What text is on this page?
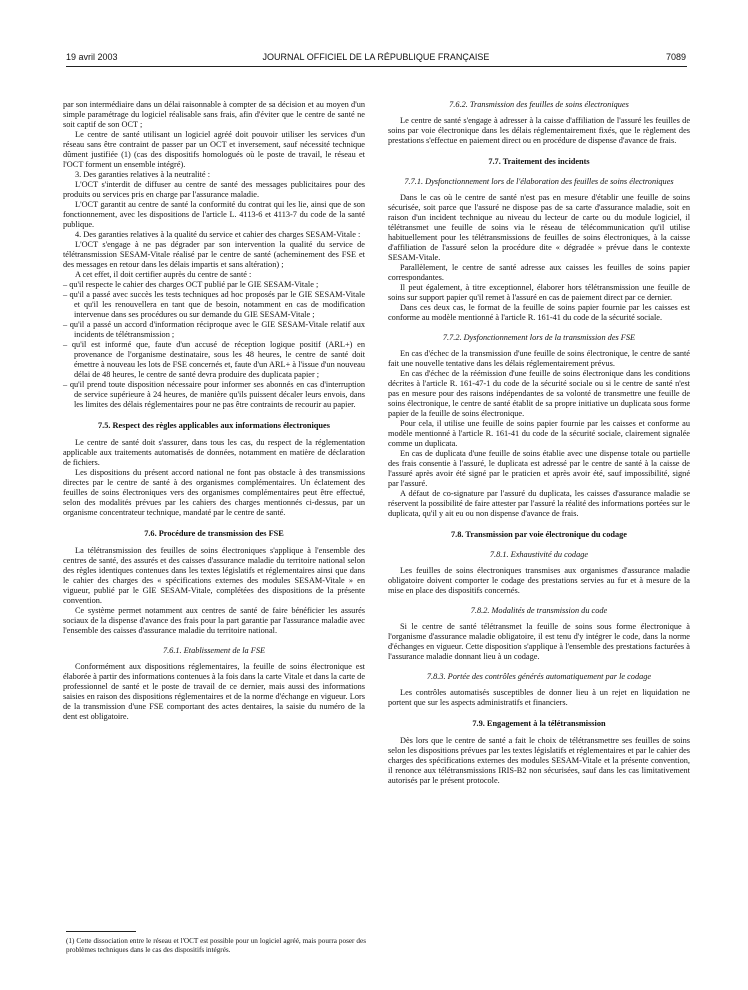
19 avril 2003	JOURNAL OFFICIEL DE LA RÉPUBLIQUE FRANÇAISE	7089

par son intermédiaire dans un délai raisonnable à compter de sa décision et au moyen d'un simple paramétrage du logiciel réalisable sans frais, afin d'éviter que le centre de santé ne soit captif de son OCT ;

Le centre de santé utilisant un logiciel agréé doit pouvoir utiliser les services d'un réseau sans être contraint de passer par un OCT et inversement, sauf nécessité technique dûment justifiée (1) (cas des dispositifs homologués où le poste de travail, le réseau et l'OCT forment un ensemble intégré).

3. Des garanties relatives à la neutralité :

L'OCT s'interdit de diffuser au centre de santé des messages publicitaires pour des produits ou services pris en charge par l'assurance maladie.

L'OCT garantit au centre de santé la conformité du contrat qui les lie, ainsi que de son fonctionnement, avec les dispositions de l'article L. 4113-6 et 4113-7 du code de la santé publique.

4. Des garanties relatives à la qualité du service et cahier des charges SESAM-Vitale :

L'OCT s'engage à ne pas dégrader par son intervention la qualité du service de télétransmission SESAM-Vitale réalisé par le centre de santé (acheminement des FSE et des messages en retour dans les délais impartis et sans altération) ;

A cet effet, il doit certifier auprès du centre de santé :

– qu'il respecte le cahier des charges OCT publié par le GIE SESAM-Vitale ;
– qu'il a passé avec succès les tests techniques ad hoc proposés par le GIE SESAM-Vitale et qu'il les renouvellera en tant que de besoin, notamment en cas de modification intervenue dans ses procédures ou sur demande du GIE SESAM-Vitale ;
– qu'il a passé un accord d'information réciproque avec le GIE SESAM-Vitale relatif aux incidents de télétransmission ;
– qu'il est informé que, faute d'un accusé de réception logique positif (ARL+) en provenance de l'organisme destinataire, sous les 48 heures, le centre de santé doit émettre à nouveau les lots de FSE concernés et, faute d'un ARL+ à l'issue d'un nouveau délai de 48 heures, le centre de santé devra produire des duplicata papier ;
– qu'il prend toute disposition nécessaire pour informer ses abonnés en cas d'interruption de service supérieure à 24 heures, de manière qu'ils puissent décaler leurs envois, dans les limites des délais réglementaires pour ne pas être contraints de recourir au papier.
7.5. Respect des règles applicables aux informations électroniques

Le centre de santé doit s'assurer, dans tous les cas, du respect de la réglementation applicable aux traitements automatisés de données, notamment en matière de déclaration de fichiers.

Les dispositions du présent accord national ne font pas obstacle à des transmissions directes par le centre de santé à des organismes complémentaires. Un éclatement des feuilles de soins électroniques vers des organismes complémentaires peut être effectué, selon des modalités prévues par les cahiers des charges mentionnés ci-dessus, par un organisme concentrateur technique, mandaté par le centre de santé.

7.6. Procédure de transmission des FSE

La télétransmission des feuilles de soins électroniques s'applique à l'ensemble des centres de santé, des assurés et des caisses d'assurance maladie du territoire national selon des règles identiques contenues dans les textes législatifs et réglementaires ainsi que dans le cahier des charges des « spécifications externes des modules SESAM-Vitale » en vigueur, publié par le GIE SESAM-Vitale, complétées des dispositions de la présente convention.

Ce système permet notamment aux centres de santé de faire bénéficier les assurés sociaux de la dispense d'avance des frais pour la part garantie par l'assurance maladie avec l'ensemble des caisses d'assurance maladie du territoire national.

7.6.1. Etablissement de la FSE

Conformément aux dispositions réglementaires, la feuille de soins électronique est élaborée à partir des informations contenues à la fois dans la carte Vitale et dans la carte de professionnel de santé et le poste de travail de ce dernier, mais aussi des informations saisies en raison des dispositions réglementaires et de la norme d'échange en vigueur. Lors de la transmission d'une FSE comportant des actes dentaires, la saisie du numéro de la dent est obligatoire.

7.6.2. Transmission des feuilles de soins électroniques

Le centre de santé s'engage à adresser à la caisse d'affiliation de l'assuré les feuilles de soins par voie électronique dans les délais réglementairement fixés, que le règlement des prestations s'effectue en paiement direct ou en procédure de dispense d'avance de frais.

7.7. Traitement des incidents
7.7.1. Dysfonctionnement lors de l'élaboration des feuilles de soins électroniques

Dans le cas où le centre de santé n'est pas en mesure d'établir une feuille de soins sécurisée, soit parce que l'assuré ne dispose pas de sa carte d'assurance maladie, soit en raison d'un incident technique au niveau du lecteur de carte ou du module logiciel, il télétransmet une feuille de soins via le réseau de télécommunication qu'il utilise habituellement pour les télétransmissions de feuilles de soins électroniques, à la caisse d'affiliation de l'assuré selon la procédure dite « dégradée » prévue dans le contexte SESAM-Vitale.

Parallèlement, le centre de santé adresse aux caisses les feuilles de soins papier correspondantes.

Il peut également, à titre exceptionnel, élaborer hors télétransmission une feuille de soins sur support papier qu'il remet à l'assuré en cas de paiement direct par ce dernier.

Dans ces deux cas, le format de la feuille de soins papier fournie par les caisses est conforme au modèle mentionné à l'article R. 161-41 du code de la sécurité sociale.

7.7.2. Dysfonctionnement lors de la transmission des FSE

En cas d'échec de la transmission d'une feuille de soins électronique, le centre de santé fait une nouvelle tentative dans les délais réglementairement prévus.

En cas d'échec de la réémission d'une feuille de soins électronique dans les conditions décrites à l'article R. 161-47-1 du code de la sécurité sociale ou si le centre de santé n'est pas en mesure pour des raisons indépendantes de sa volonté de transmettre une feuille de soins électronique, le centre de santé établit de sa propre initiative un duplicata sous forme papier de la feuille de soins électronique.

Pour cela, il utilise une feuille de soins papier fournie par les caisses et conforme au modèle mentionné à l'article R. 161-41 du code de la sécurité sociale, clairement signalée comme un duplicata.

En cas de duplicata d'une feuille de soins établie avec une dispense totale ou partielle des frais consentie à l'assuré, le duplicata est adressé par le centre de santé à la caisse de l'assuré après avoir été signé par le praticien et après avoir été, sauf impossibilité, signé par l'assuré.

A défaut de co-signature par l'assuré du duplicata, les caisses d'assurance maladie se réservent la possibilité de faire attester par l'assuré la réalité des informations portées sur le duplicata, qu'il y ait eu ou non dispense d'avance de frais.

7.8. Transmission par voie électronique du codage
7.8.1. Exhaustivité du codage

Les feuilles de soins électroniques transmises aux organismes d'assurance maladie obligatoire doivent comporter le codage des prestations servies au fur et à mesure de la mise en place des dispositifs concernés.

7.8.2. Modalités de transmission du code

Si le centre de santé télétransmet la feuille de soins sous forme électronique à l'organisme d'assurance maladie obligatoire, il est tenu d'y intégrer le code, dans la norme d'échanges en vigueur. Cette disposition s'applique à l'ensemble des prestations facturées à l'assurance maladie donnant lieu à un codage.

7.8.3. Portée des contrôles générés automatiquement par le codage

Les contrôles automatisés susceptibles de donner lieu à un rejet en liquidation ne portent que sur les aspects administratifs et financiers.

7.9. Engagement à la télétransmission

Dès lors que le centre de santé a fait le choix de télétransmettre ses feuilles de soins selon les dispositions prévues par les textes législatifs et réglementaires et par le cahier des charges des spécifications externes des modules SESAM-Vitale et la présente convention, il renonce aux télétransmissions IRIS-B2 non sécurisées, sauf dans les cas limitativement autorisés par le présent protocole.

(1) Cette dissociation entre le réseau et l'OCT est possible pour un logiciel agréé, mais pourra poser des problèmes techniques dans le cas des dispositifs intégrés.
